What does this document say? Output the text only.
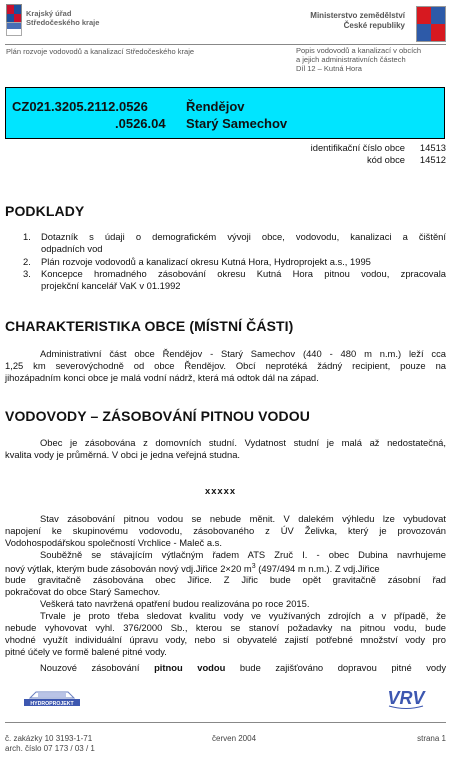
Krajský úřad
Středočeského kraje
Plán rozvoje vodovodů a kanalizací Středočeského kraje
Ministerstvo zemědělství
České republiky
Popis vodovodů a kanalizací v obcích
a jejich administrativních částech
Díl 12 – Kutná Hora
CZ021.3205.2112.0526	Řendějov
.0526.04 Starý Samechov
identifikační číslo obce	14513
kód obce	14512
PODKLADY
1. Dotazník s údaji o demografickém vývoji obce, vodovodu, kanalizaci a čištění
odpadních vod
2. Plán rozvoje vodovodů a kanalizací okresu Kutná Hora, Hydroprojekt a.s., 1995
3. Koncepce hromadného zásobování okresu Kutná Hora pitnou vodou, zpracovala
projekční kancelář VaK v 01.1992
CHARAKTERISTIKA OBCE (MÍSTNÍ ČÁSTI)
Administrativní část obce Řendějov - Starý Samechov (440 - 480 m n.m.) leží cca
1,25 km severovýchodně od obce Řendějov. Obcí neprotéká žádný recipient, pouze na
jihozápadním konci obce je malá vodní nádrž, která má odtok dál na západ.
VODOVODY – ZÁSOBOVÁNÍ PITNOU VODOU
Obec je zásobována z domovních studní. Vydatnost studní je malá až nedostatečná,
kvalita vody je průměrná. V obci je jedna veřejná studna.
xxxxx
Stav zásobování pitnou vodou se nebude měnit. V dalekém výhledu lze vybudovat
napojení ke skupinovému vodovodu, zásobovaného z ÚV Želivka, který je provozován
Vodohospodářskou společností Vrchlice - Maleč a.s.
Souběžně se stávajícím výtlačným řadem ATS Zruč I. - obec Dubina navrhujeme
nový výtlak, kterým bude zásobován nový vdj.Jiřice 2×20 $m^3$ (497/494 m n.m.). Z vdj.Jiřice
bude gravitačně zásobována obec Jiřice. Z Jiřic bude opět gravitačně zásobní řad
pokračovat do obce Starý Samechov.
Veškerá tato navržená opatření budou realizována po roce 2015.
Trvale je proto třeba sledovat kvalitu vody ve využívaných zdrojích a v případě, že
nebude vyhovovat vyhl. 376/2000 Sb., kterou se stanoví požadavky na pitnou vodu, bude
vhodné využít individuální úpravu vody, nebo si obyvatelé zajistí potřebné množství vody pro
pitné účely ve formě balené pitné vody.
Nouzové zásobování pitnou vodou bude zajišťováno dopravou pitné vody
HYDROPROJEKT	VRV
č. zakázky 10 3193-1-71
arch. číslo 07 173 / 03 / 1
červen 2004	strana 1
